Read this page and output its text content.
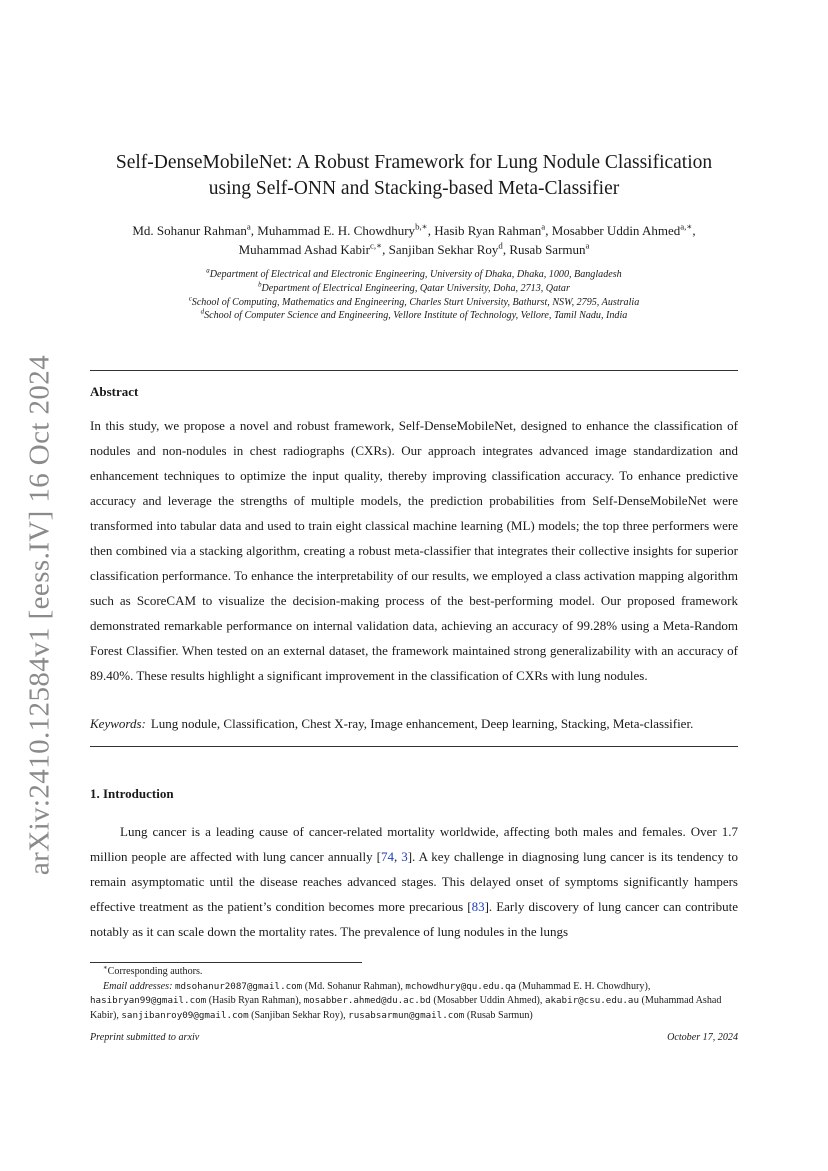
arXiv:2410.12584v1 [eess.IV] 16 Oct 2024
Self-DenseMobileNet: A Robust Framework for Lung Nodule Classification
using Self-ONN and Stacking-based Meta-Classifier
Md. Sohanur Rahman$^a$, Muhammad E. H. Chowdhury$^{b,∗}$, Hasib Ryan Rahman$^a$, Mosabber Uddin Ahmed$^{a,∗}$,
Muhammad Ashad Kabir$^{c,∗}$, Sanjiban Sekhar Roy$^d$, Rusab Sarmun$^a$
$^a$Department of Electrical and Electronic Engineering, University of Dhaka, Dhaka, 1000, Bangladesh
$^b$Department of Electrical Engineering, Qatar University, Doha, 2713, Qatar
$^c$School of Computing, Mathematics and Engineering, Charles Sturt University, Bathurst, NSW, 2795, Australia
$^d$School of Computer Science and Engineering, Vellore Institute of Technology, Vellore, Tamil Nadu, India
Abstract
In this study, we propose a novel and robust framework, Self-DenseMobileNet, designed to enhance the classification of nodules and non-nodules in chest radiographs (CXRs). Our approach integrates advanced image standardization and enhancement techniques to optimize the input quality, thereby improving classification accuracy. To enhance predictive accuracy and leverage the strengths of multiple models, the prediction probabilities from Self-DenseMobileNet were transformed into tabular data and used to train eight classical machine learning (ML) models; the top three performers were then combined via a stacking algorithm, creating a robust meta-classifier that integrates their collective insights for superior classification performance. To enhance the interpretability of our results, we employed a class activation mapping algorithm such as ScoreCAM to visualize the decision-making process of the best-performing model. Our proposed framework demonstrated remarkable performance on internal validation data, achieving an accuracy of 99.28% using a Meta-Random Forest Classifier. When tested on an external dataset, the framework maintained strong generalizability with an accuracy of 89.40%. These results highlight a significant improvement in the classification of CXRs with lung nodules.
Keywords: Lung nodule, Classification, Chest X-ray, Image enhancement, Deep learning, Stacking, Meta-classifier.
1. Introduction

Lung cancer is a leading cause of cancer-related mortality worldwide, affecting both males and females. Over 1.7 million people are affected with lung cancer annually [74, 3]. A key challenge in diagnosing lung cancer is its tendency to remain asymptomatic until the disease reaches advanced stages. This delayed onset of symptoms significantly hampers effective treatment as the patient’s condition becomes more precarious [83]. Early discovery of lung cancer can contribute notably as it can scale down the mortality rates. The prevalence of lung nodules in the lungs

∗Corresponding authors.

Email addresses: mdsohanur2087@gmail.com (Md. Sohanur Rahman), mchowdhury@qu.edu.qa (Muhammad E. H. Chowdhury), hasibryan99@gmail.com (Hasib Ryan Rahman), mosabber.ahmed@du.ac.bd (Mosabber Uddin Ahmed), akabir@csu.edu.au (Muhammad Ashad Kabir), sanjibanroy09@gmail.com (Sanjiban Sekhar Roy), rusabsarmun@gmail.com (Rusab Sarmun)

Preprint submitted to arxiv	October 17, 2024
